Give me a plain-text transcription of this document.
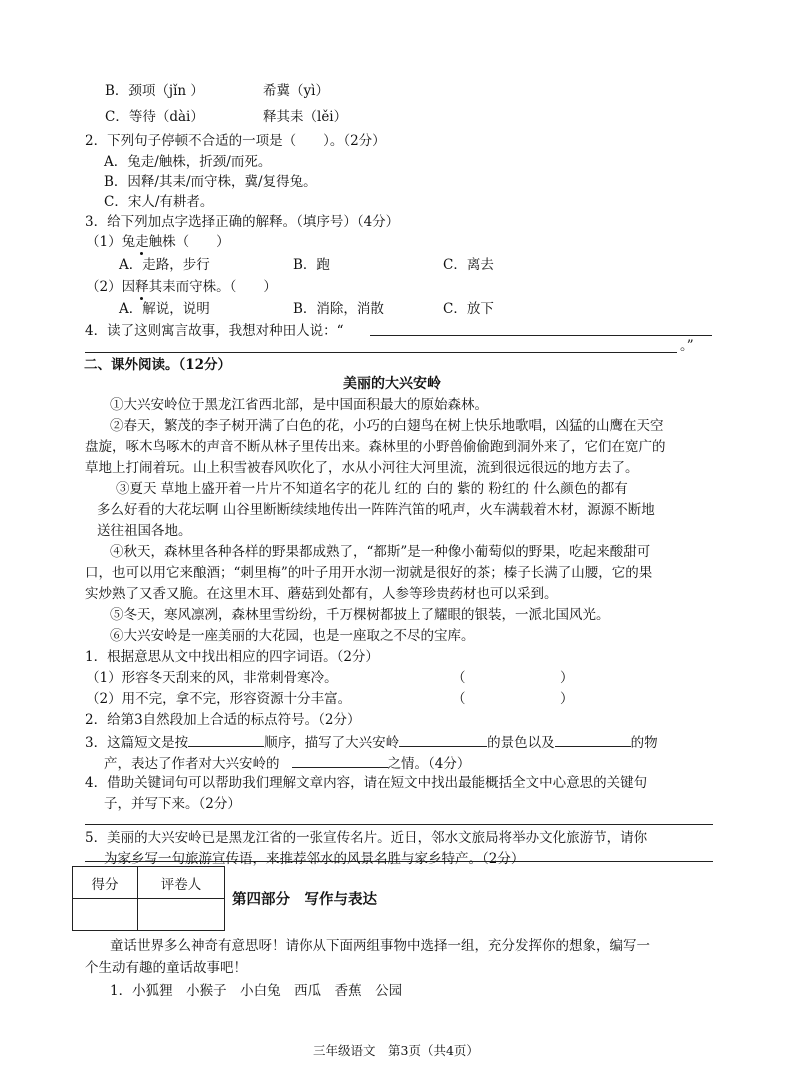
B．颈项（jǐn ）	希冀（yì）
C．等待（dài）	释其耒（lěi）
2．下列句子停顿不合适的一项是（　　）。（2分）
A．兔走/触株，折颈/而死。
B．因释/其耒/而守株，冀/复得兔。
C．宋人/有耕者。
3．给下列加点字选择正确的解释。（填序号）（4分）
（1）兔走触株（　　）
A．走路，步行	B．跑	C．离去
（2）因释其耒而守株。（　　）
A．解说，说明	B．消除，消散	C．放下
4．读了这则寓言故事，我想对种田人说：“
。”
二、课外阅读。（12分）
美丽的大兴安岭
①大兴安岭位于黑龙江省西北部，是中国面积最大的原始森林。
②春天，繁茂的李子树开满了白色的花，小巧的白翅鸟在树上快乐地歌唱，凶猛的山鹰在天空
盘旋，啄木鸟啄木的声音不断从林子里传出来。森林里的小野兽偷偷跑到洞外来了，它们在宽广的
草地上打闹着玩。山上积雪被春风吹化了，水从小河往大河里流，流到很远很远的地方去了。
③夏天 草地上盛开着一片片不知道名字的花儿 红的 白的 紫的 粉红的 什么颜色的都有
多么好看的大花坛啊 山谷里断断续续地传出一阵阵汽笛的吼声，火车满载着木材，源源不断地
送往祖国各地。
④秋天，森林里各种各样的野果都成熟了，“都斯”是一种像小葡萄似的野果，吃起来酸甜可
口，也可以用它来酿酒；“刺里梅”的叶子用开水沏一沏就是很好的茶；榛子长满了山腰，它的果
实炒熟了又香又脆。在这里木耳、蘑菇到处都有，人参等珍贵药材也可以采到。
⑤冬天，寒风凛冽，森林里雪纷纷，千万棵树都披上了耀眼的银装，一派北国风光。
⑥大兴安岭是一座美丽的大花园，也是一座取之不尽的宝库。
1．根据意思从文中找出相应的四字词语。（2分）
（1）形容冬天刮来的风，非常刺骨寒冷。	（　　　　　　　）
（2）用不完，拿不完，形容资源十分丰富。	（　　　　　　　）
2．给第3自然段加上合适的标点符号。（2分）
3．这篇短文是按	顺序，描写了大兴安岭	的景色以及	的物
产，表达了作者对大兴安岭的	之情。（4分）
4．借助关键词句可以帮助我们理解文章内容，请在短文中找出最能概括全文中心意思的关键句
子，并写下来。（2分）
5．美丽的大兴安岭已是黑龙江省的一张宣传名片。近日，邻水文旅局将举办文化旅游节，请你
为家乡写一句旅游宣传语，来推荐邻水的风景名胜与家乡特产。（2分）
得分	评卷人

第四部分　写作与表达
童话世界多么神奇有意思呀！请你从下面两组事物中选择一组，充分发挥你的想象，编写一
个生动有趣的童话故事吧！
1．小狐狸　小猴子　小白兔　西瓜　香蕉　公园
三年级语文　第3页（共4页）
